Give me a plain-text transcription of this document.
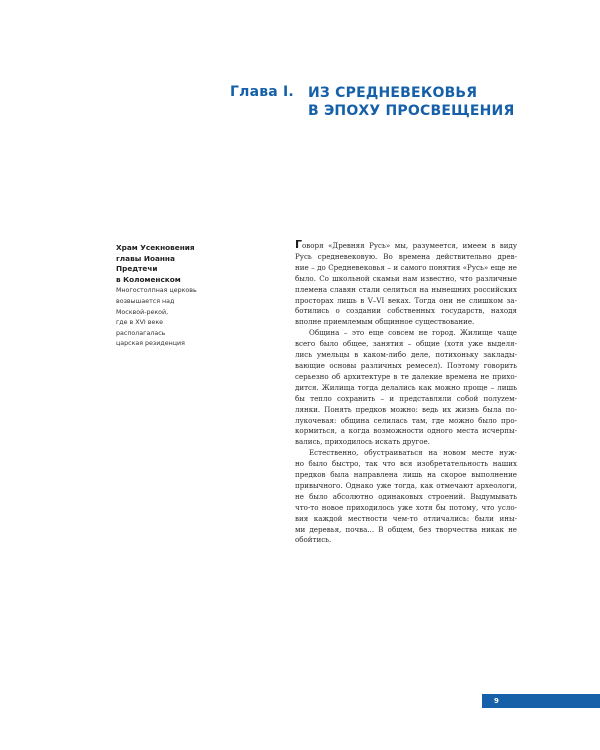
Глава I. ИЗ СРЕДНЕВЕКОВЬЯ
В ЭПОХУ ПРОСВЕЩЕНИЯ
Храм Усекновения
главы Иоанна
Предтечи
в Коломенском
Многостолпная церковь
возвышается над
Москвой-рекой,
где в XVI веке
располагалась
царская резиденция
Говоря «Древняя Русь» мы, разумеется, имеем в виду
Русь средневековую. Во времена действительно древ-
ние – до Средневековья – и самого понятия «Русь» еще не
было. Со школьной скамьи нам известно, что различные
племена славян стали селиться на нынешних российских
просторах лишь в V–VI веках. Тогда они не слишком за-
ботились о создании собственных государств, находя
вполне приемлемым общинное существование.
Община – это еще совсем не город. Жилище чаще
всего было общее, занятия – общие (хотя уже выделя-
лись умельцы в каком-либо деле, потихоньку заклады-
вающие основы различных ремесел). Поэтому говорить
серьезно об архитектуре в те далекие времена не прихо-
дится. Жилища тогда делались как можно проще – лишь
бы тепло сохранить – и представляли собой полуzем-
лянки. Понять предков можно: ведь их жизнь была по-
лукочевая: община селилась там, где можно было про-
кормиться, а когда возможности одного места исчерпы-
вались, приходилось искать другое.
Естественно, обустраиваться на новом месте нуж-
но было быстро, так что вся изобретательность наших
предков была направлена лишь на скорое выполнение
привычного. Однако уже тогда, как отмечают археологи,
не было абсолютно одинаковых строений. Выдумывать
что-то новое приходилось уже хотя бы потому, что усло-
вия каждой местности чем-то отличались: были ины-
ми деревья, почва... В общем, без творчества никак не
обойтись.
9
